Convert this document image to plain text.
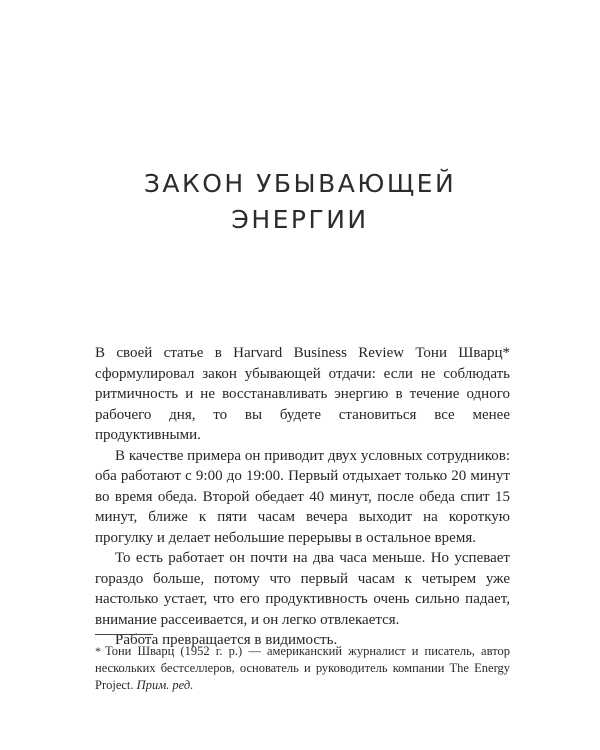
ЗАКОН УБЫВАЮЩЕЙ
ЭНЕРГИИ

В своей статье в Harvard Business Review Тони Шварц* сформулировал закон убывающей отдачи: если не соблюдать ритмичность и не восстанавливать энергию в течение одного рабочего дня, то вы будете становиться все менее продуктивными.

В качестве примера он приводит двух условных сотрудников: оба работают с 9:00 до 19:00. Первый отдыхает только 20 минут во время обеда. Второй обедает 40 минут, после обеда спит 15 минут, ближе к пяти часам вечера выходит на короткую прогулку и делает небольшие перерывы в остальное время.

То есть работает он почти на два часа меньше. Но успевает гораздо больше, потому что первый часам к четырем уже настолько устает, что его продуктивность очень сильно падает, внимание рассеивается, и он легко отвлекается.

Работа превращается в видимость.

* Тони Шварц (1952 г. р.) — американский журналист и писатель, автор нескольких бестселлеров, основатель и руководитель компании The Energy Project. Прим. ред.
